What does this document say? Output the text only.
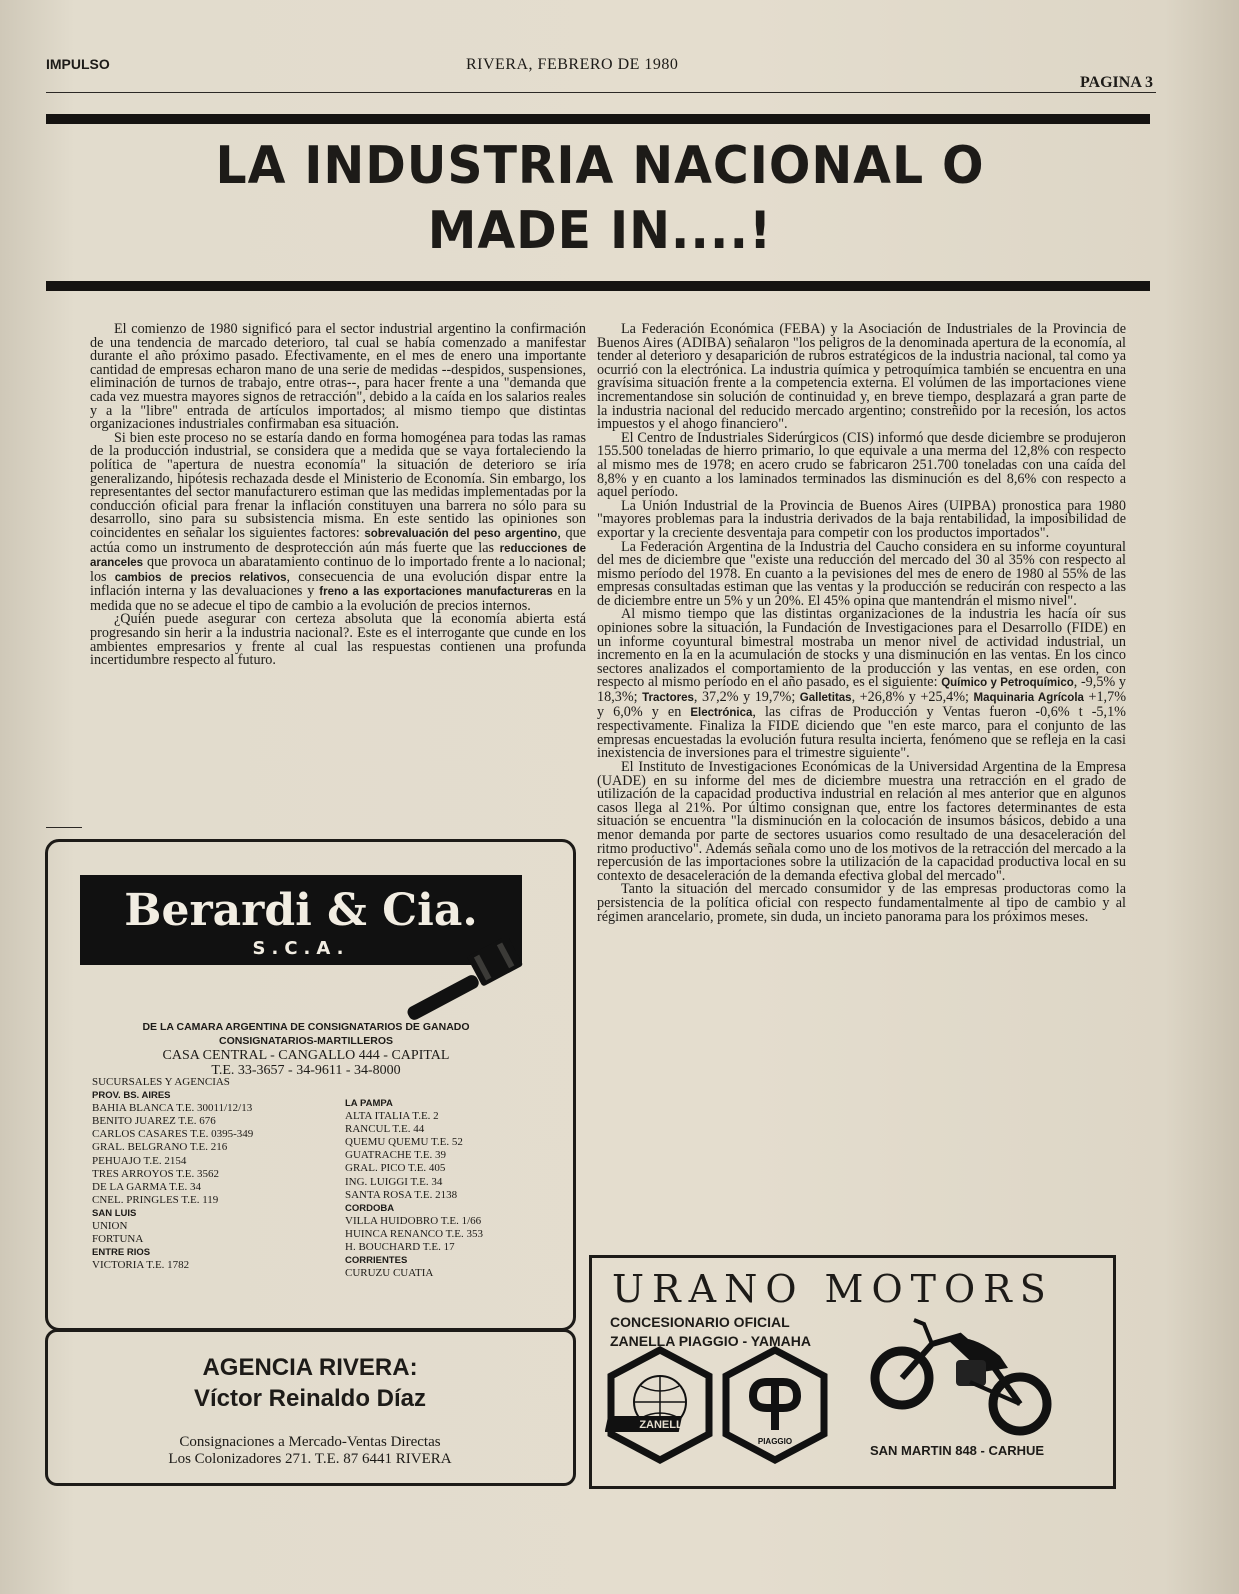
IMPULSO	RIVERA, FEBRERO DE 1980
PAGINA 3
LA INDUSTRIA NACIONAL O
MADE IN....!

El comienzo de 1980 significó para el sector industrial argentino la confirmación de una tendencia de marcado deterioro, tal cual se había comenzado a manifestar durante el año próximo pasado. Efectivamente, en el mes de enero una importante cantidad de empresas echaron mano de una serie de medidas --despidos, suspensiones, eliminación de turnos de trabajo, entre otras--, para hacer frente a una "demanda que cada vez muestra mayores signos de retracción", debido a la caída en los salarios reales y a la "libre" entrada de artículos importados; al mismo tiempo que distintas organizaciones industriales confirmaban esa situación.

Si bien este proceso no se estaría dando en forma homogénea para todas las ramas de la producción industrial, se considera que a medida que se vaya fortaleciendo la política de "apertura de nuestra economía" la situación de deterioro se iría generalizando, hipótesis rechazada desde el Ministerio de Economía. Sin embargo, los representantes del sector manufacturero estiman que las medidas implementadas por la conducción oficial para frenar la inflación constituyen una barrera no sólo para su desarrollo, sino para su subsistencia misma. En este sentido las opiniones son coincidentes en señalar los siguientes factores: sobrevaluación del peso argentino, que actúa como un instrumento de desprotección aún más fuerte que las reducciones de aranceles que provoca un abaratamiento continuo de lo importado frente a lo nacional; los cambios de precios relativos, consecuencia de una evolución dispar entre la inflación interna y las devaluaciones y freno a las exportaciones manufactureras en la medida que no se adecue el tipo de cambio a la evolución de precios internos.

¿Quién puede asegurar con certeza absoluta que la economía abierta está progresando sin herir a la industria nacional?. Este es el interrogante que cunde en los ambientes empresarios y frente al cual las respuestas contienen una profunda incertidumbre respecto al futuro.

La Federación Económica (FEBA) y la Asociación de Industriales de la Provincia de Buenos Aires (ADIBA) señalaron "los peligros de la denominada apertura de la economía, al tender al deterioro y desaparición de rubros estratégicos de la industria nacional, tal como ya ocurrió con la electrónica. La industria química y petroquímica también se encuentra en una gravísima situación frente a la competencia externa. El volúmen de las importaciones viene incrementandose sin solución de continuidad y, en breve tiempo, desplazará a gran parte de la industria nacional del reducido mercado argentino; constreñido por la recesión, los actos impuestos y el ahogo financiero".

El Centro de Industriales Siderúrgicos (CIS) informó que desde diciembre se produjeron 155.500 toneladas de hierro primario, lo que equivale a una merma del 12,8% con respecto al mismo mes de 1978; en acero crudo se fabricaron 251.700 toneladas con una caída del 8,8% y en cuanto a los laminados terminados las disminución es del 8,6% con respecto a aquel período.

La Unión Industrial de la Provincia de Buenos Aires (UIPBA) pronostica para 1980 "mayores problemas para la industria derivados de la baja rentabilidad, la imposibilidad de exportar y la creciente desventaja para competir con los productos importados".

La Federación Argentina de la Industria del Caucho considera en su informe coyuntural del mes de diciembre que "existe una reducción del mercado del 30 al 35% con respecto al mismo período del 1978. En cuanto a la pevisiones del mes de enero de 1980 al 55% de las empresas consultadas estiman que las ventas y la producción se reducirán con respecto a las de diciembre entre un 5% y un 20%. El 45% opina que mantendrán el mismo nivel".

Al mismo tiempo que las distintas organizaciones de la industria les hacía oír sus opiniones sobre la situación, la Fundación de Investigaciones para el Desarrollo (FIDE) en un informe coyuntural bimestral mostraba un menor nivel de actividad industrial, un incremento en la en la acumulación de stocks y una disminución en las ventas. En los cinco sectores analizados el comportamiento de la producción y las ventas, en ese orden, con respecto al mismo período en el año pasado, es el siguiente: Químico y Petroquímico, -9,5% y 18,3%; Tractores, 37,2% y 19,7%; Galletitas, +26,8% y +25,4%; Maquinaria Agrícola +1,7% y 6,0% y en Electrónica, las cifras de Producción y Ventas fueron -0,6% t -5,1% respectivamente. Finaliza la FIDE diciendo que "en este marco, para el conjunto de las empresas encuestadas la evolución futura resulta incierta, fenómeno que se refleja en la casi inexistencia de inversiones para el trimestre siguiente".

El Instituto de Investigaciones Económicas de la Universidad Argentina de la Empresa (UADE) en su informe del mes de diciembre muestra una retracción en el grado de utilización de la capacidad productiva industrial en relación al mes anterior que en algunos casos llega al 21%. Por último consignan que, entre los factores determinantes de esta situación se encuentra "la disminución en la colocación de insumos básicos, debido a una menor demanda por parte de sectores usuarios como resultado de una desaceleración del ritmo productivo". Además señala como uno de los motivos de la retracción del mercado a la repercusión de las importaciones sobre la utilización de la capacidad productiva local en su contexto de desaceleración de la demanda efectiva global del mercado".

Tanto la situación del mercado consumidor y de las empresas productoras como la persistencia de la política oficial con respecto fundamentalmente al tipo de cambio y al régimen arancelario, promete, sin duda, un incieto panorama para los próximos meses.

Berardi & Cia.
S.C.A.
DE LA CAMARA ARGENTINA DE CONSIGNATARIOS DE GANADO
CONSIGNATARIOS-MARTILLEROS
CASA CENTRAL - CANGALLO 444 - CAPITAL
T.E. 33-3657 - 34-9611 - 34-8000
SUCURSALES Y AGENCIAS
PROV. BS. AIRES
BAHIA BLANCA T.E. 30011/12/13
BENITO JUAREZ T.E. 676
CARLOS CASARES T.E. 0395-349
GRAL. BELGRANO T.E. 216
PEHUAJO T.E. 2154
TRES ARROYOS T.E. 3562
DE LA GARMA T.E. 34
CNEL. PRINGLES T.E. 119
SAN LUIS
UNION
FORTUNA
ENTRE RIOS
VICTORIA T.E. 1782
LA PAMPA
ALTA ITALIA T.E. 2
RANCUL T.E. 44
QUEMU QUEMU T.E. 52
GUATRACHE T.E. 39
GRAL. PICO T.E. 405
ING. LUIGGI T.E. 34
SANTA ROSA T.E. 2138
CORDOBA
VILLA HUIDOBRO T.E. 1/66
HUINCA RENANCO T.E. 353
H. BOUCHARD T.E. 17
CORRIENTES
CURUZU CUATIA
AGENCIA RIVERA:
Víctor Reinaldo Díaz
Consignaciones a Mercado-Ventas Directas
Los Colonizadores 271. T.E. 87 6441 RIVERA
URANO MOTORS
CONCESIONARIO OFICIAL
ZANELLA PIAGGIO - YAMAHA
ZANELLA
PIAGGIO
SAN MARTIN 848 - CARHUE
